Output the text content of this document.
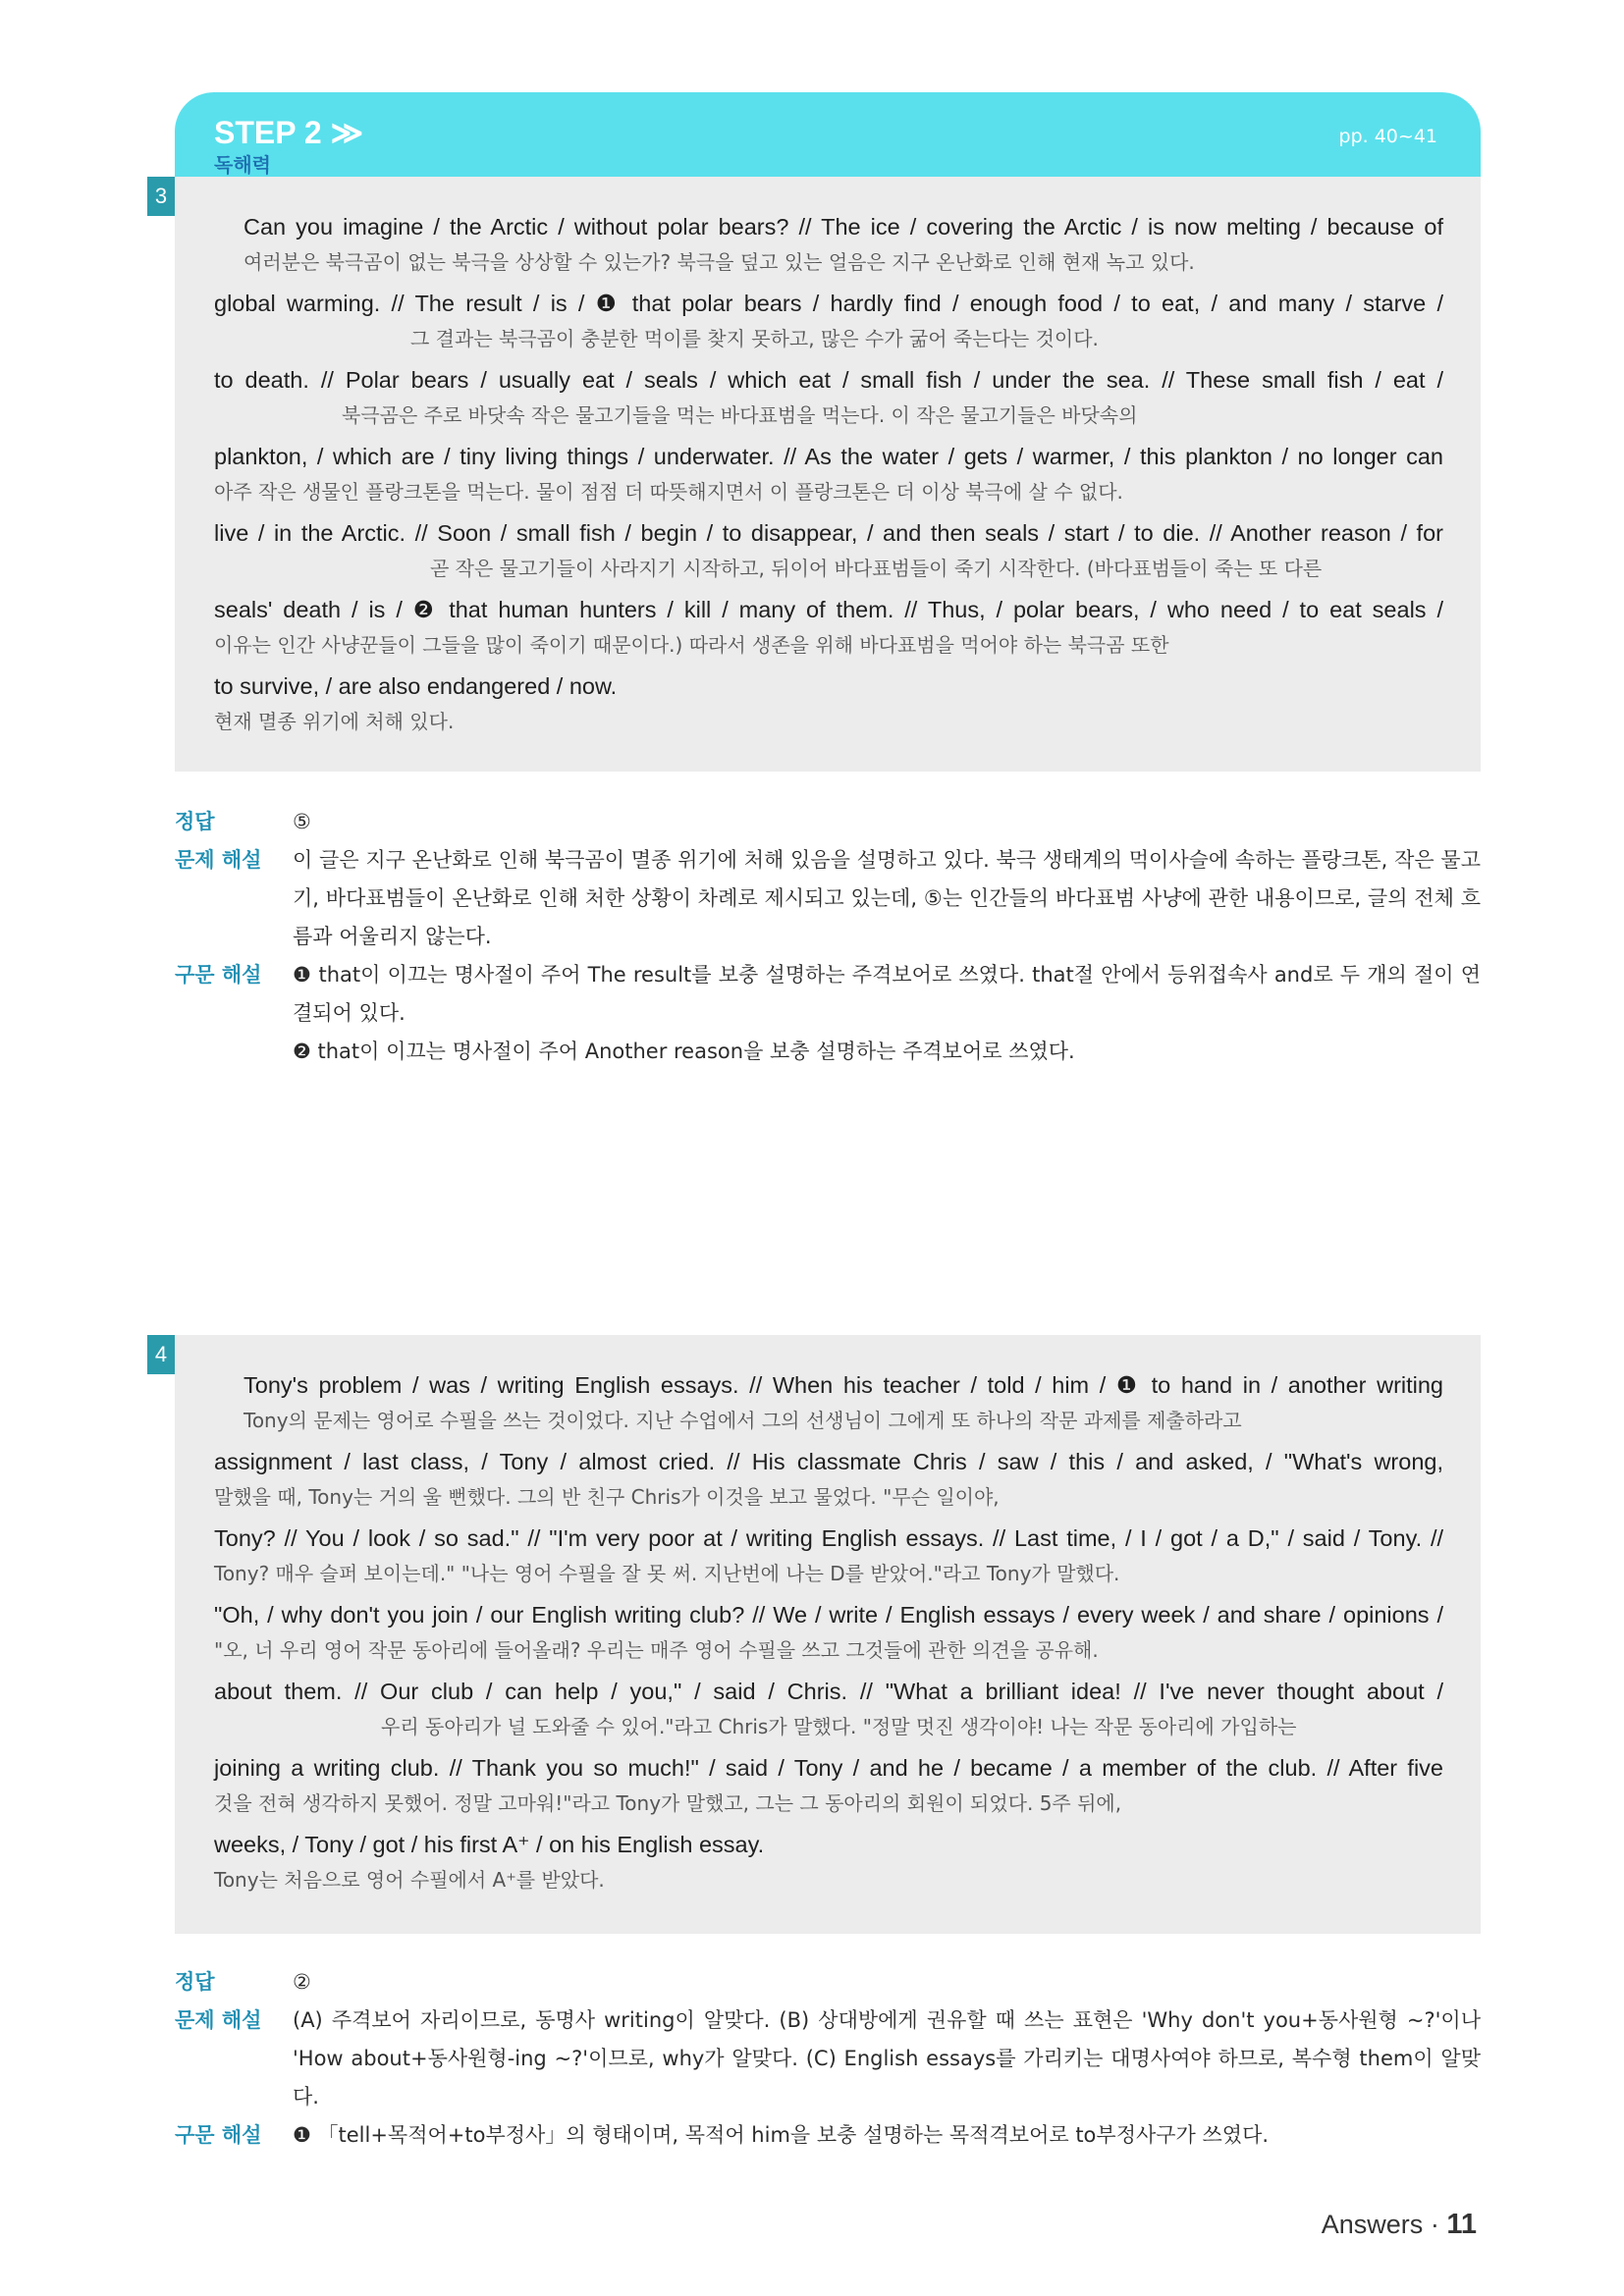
STEP 2 ≫
독해력
pp. 40~41
3
Can you imagine / the Arctic / without polar bears? // The ice / covering the Arctic / is now melting / because of
여러분은 북극곰이 없는 북극을 상상할 수 있는가? 북극을 덮고 있는 얼음은 지구 온난화로 인해 현재 녹고 있다.
global warming. // The result / is / ❶ that polar bears / hardly find / enough food / to eat, / and many / starve /
그 결과는 북극곰이 충분한 먹이를 찾지 못하고, 많은 수가 굶어 죽는다는 것이다.
to death. // Polar bears / usually eat / seals / which eat / small fish / under the sea. // These small fish / eat /
북극곰은 주로 바닷속 작은 물고기들을 먹는 바다표범을 먹는다. 이 작은 물고기들은 바닷속의
plankton, / which are / tiny living things / underwater. // As the water / gets / warmer, / this plankton / no longer can
아주 작은 생물인 플랑크톤을 먹는다. 물이 점점 더 따뜻해지면서 이 플랑크톤은 더 이상 북극에 살 수 없다.
live / in the Arctic. // Soon / small fish / begin / to disappear, / and then seals / start / to die. // Another reason / for
곧 작은 물고기들이 사라지기 시작하고, 뒤이어 바다표범들이 죽기 시작한다. (바다표범들이 죽는 또 다른
seals' death / is / ❷ that human hunters / kill / many of them. // Thus, / polar bears, / who need / to eat seals /
이유는 인간 사냥꾼들이 그들을 많이 죽이기 때문이다.) 따라서 생존을 위해 바다표범을 먹어야 하는 북극곰 또한
to survive, / are also endangered / now.
현재 멸종 위기에 처해 있다.
정답	⑤
문제 해설 이 글은 지구 온난화로 인해 북극곰이 멸종 위기에 처해 있음을 설명하고 있다. 북극 생태계의 먹이사슬에 속하는 플랑크톤, 작은 물고기, 바다표범들이 온난화로 인해 처한 상황이 차례로 제시되고 있는데, ⑤는 인간들의 바다표범 사냥에 관한 내용이므로, 글의 전체 흐름과 어울리지 않는다.
구문 해설 ❶ that이 이끄는 명사절이 주어 The result를 보충 설명하는 주격보어로 쓰였다. that절 안에서 등위접속사 and로 두 개의 절이 연결되어 있다.
❷ that이 이끄는 명사절이 주어 Another reason을 보충 설명하는 주격보어로 쓰였다.
4
Tony's problem / was / writing English essays. // When his teacher / told / him / ❶ to hand in / another writing
Tony의 문제는 영어로 수필을 쓰는 것이었다. 지난 수업에서 그의 선생님이 그에게 또 하나의 작문 과제를 제출하라고
assignment / last class, / Tony / almost cried. // His classmate Chris / saw / this / and asked, / "What's wrong,
말했을 때, Tony는 거의 울 뻔했다. 그의 반 친구 Chris가 이것을 보고 물었다. "무슨 일이야,
Tony? // You / look / so sad." // "I'm very poor at / writing English essays. // Last time, / I / got / a D," / said / Tony. //
Tony? 매우 슬퍼 보이는데." "나는 영어 수필을 잘 못 써. 지난번에 나는 D를 받았어."라고 Tony가 말했다.
"Oh, / why don't you join / our English writing club? // We / write / English essays / every week / and share / opinions /
"오, 너 우리 영어 작문 동아리에 들어올래? 우리는 매주 영어 수필을 쓰고 그것들에 관한 의견을 공유해.
about them. // Our club / can help / you," / said / Chris. // "What a brilliant idea! // I've never thought about /
우리 동아리가 널 도와줄 수 있어."라고 Chris가 말했다. "정말 멋진 생각이야! 나는 작문 동아리에 가입하는
joining a writing club. // Thank you so much!" / said / Tony / and he / became / a member of the club. // After five
것을 전혀 생각하지 못했어. 정말 고마워!"라고 Tony가 말했고, 그는 그 동아리의 회원이 되었다. 5주 뒤에,
weeks, / Tony / got / his first A⁺ / on his English essay.
Tony는 처음으로 영어 수필에서 A⁺를 받았다.
정답	②
문제 해설 (A) 주격보어 자리이므로, 동명사 writing이 알맞다. (B) 상대방에게 권유할 때 쓰는 표현은 'Why don't you+동사원형 ~?'이나 'How about+동사원형-ing ~?'이므로, why가 알맞다. (C) English essays를 가리키는 대명사여야 하므로, 복수형 them이 알맞다.
구문 해설 ❶ 「tell+목적어+to부정사」의 형태이며, 목적어 him을 보충 설명하는 목적격보어로 to부정사구가 쓰였다.
Answers · 11
